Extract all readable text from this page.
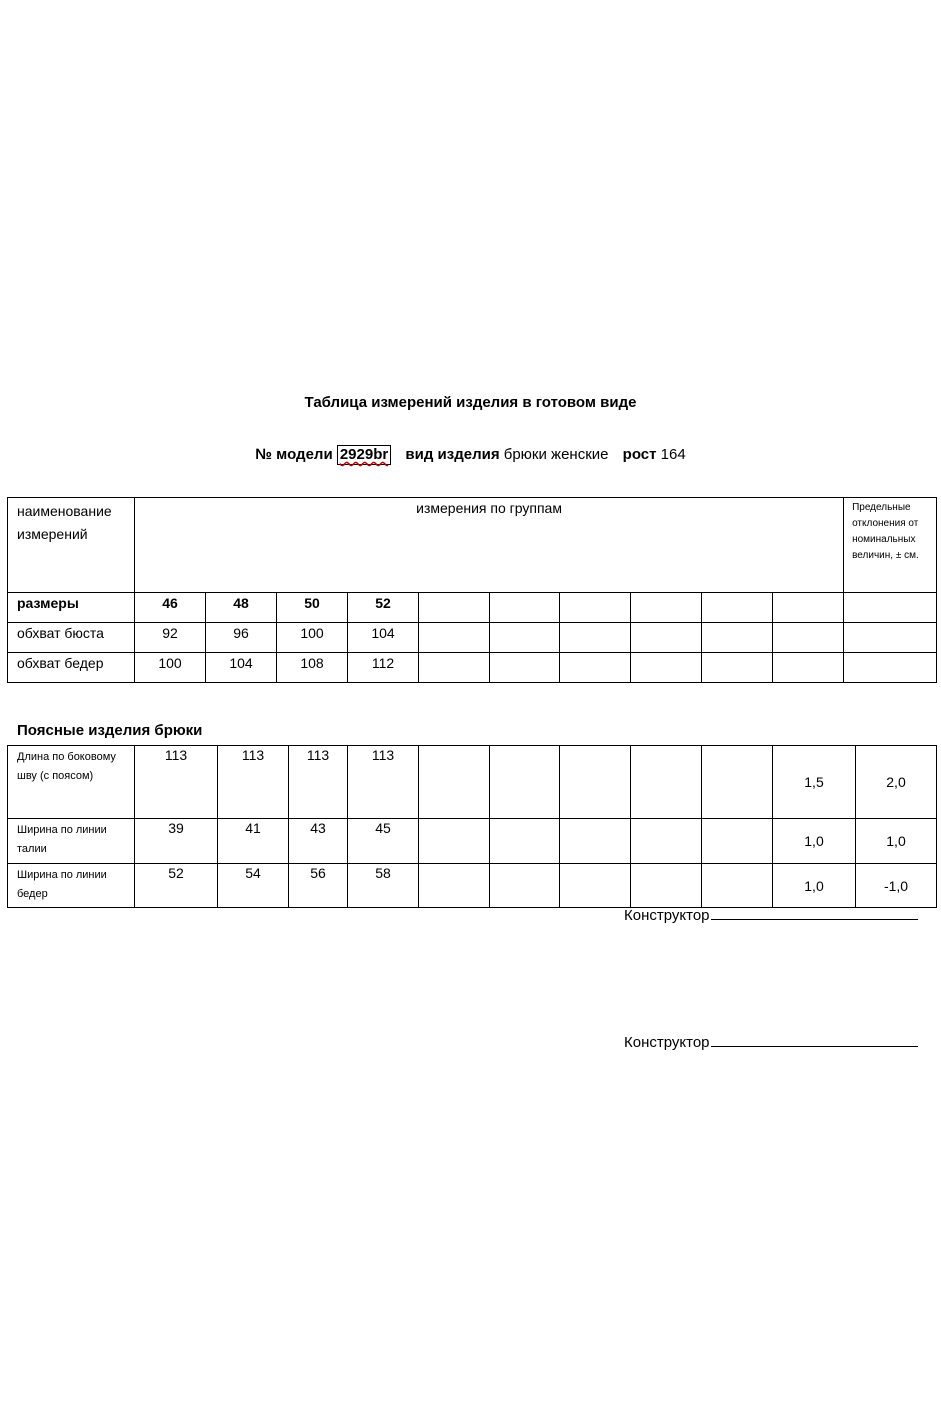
Таблица измерений изделия в готовом виде
№ модели 2929br вид изделия брюки женские рост 164
наименование измерений	измерения по группам										Предельные отклонения от номинальных величин, ± см.
размеры	46	48	50	52							
обхват бюста	92	96	100	104							
обхват бедер	100	104	108	112							
Поясные изделия брюки
Длина по боковому шву (с поясом)	113	113	113	113						1,5	2,0
Ширина по линии талии	39	41	43	45						1,0	1,0
Ширина по линии бедер	52	54	56	58						1,0	-1,0
Конструктор
Конструктор
